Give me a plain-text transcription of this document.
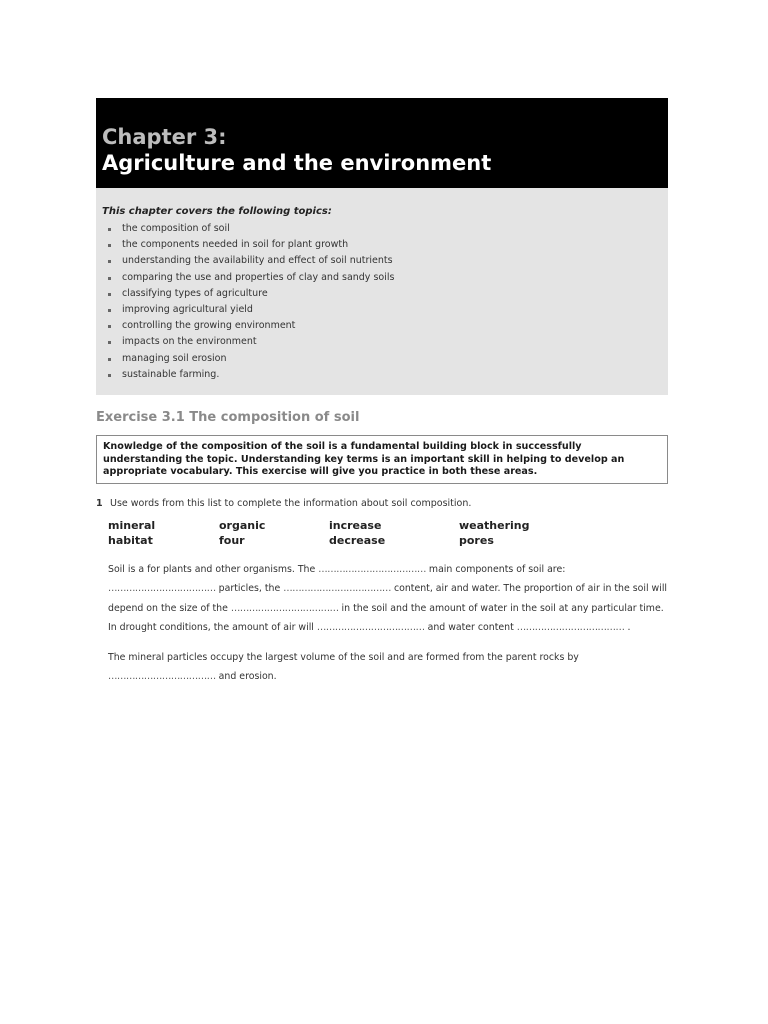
Chapter 3:
Agriculture and the environment
This chapter covers the following topics:
the composition of soil
the components needed in soil for plant growth
understanding the availability and effect of soil nutrients
comparing the use and properties of clay and sandy soils
classifying types of agriculture
improving agricultural yield
controlling the growing environment
impacts on the environment
managing soil erosion
sustainable farming.
Exercise 3.1 The composition of soil
Knowledge of the composition of the soil is a fundamental building block in successfully understanding the topic. Understanding key terms is an important skill in helping to develop an appropriate vocabulary. This exercise will give you practice in both these areas.
1 Use words from this list to complete the information about soil composition.
mineral	organic	increase	weathering
habitat	four	decrease	pores
Soil is a for plants and other organisms. The ……………………………… main components of soil are: ……………………………… particles, the ……………………………… content, air and water. The proportion of air in the soil will depend on the size of the ……………………………… in the soil and the amount of water in the soil at any particular time. In drought conditions, the amount of air will ……………………………… and water content ……………………………… .
The mineral particles occupy the largest volume of the soil and are formed from the parent rocks by
……………………………… and erosion.
